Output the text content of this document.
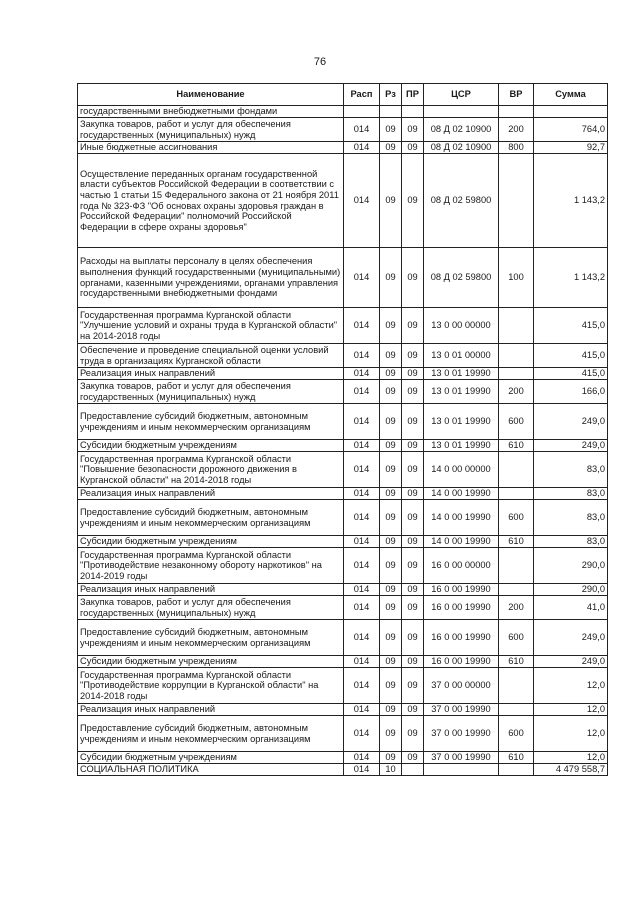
76
Наименование	Расп	Рз	ПР	ЦСР	ВР	Сумма
государственными внебюджетными фондами						
Закупка товаров, работ и услуг для обеспечения государственных (муниципальных) нужд	014	09	09	08 Д 02 10900	200	764,0
Иные бюджетные ассигнования	014	09	09	08 Д 02 10900	800	92,7
Осуществление переданных органам государственной власти субъектов Российской Федерации в соответствии с частью 1 статьи 15 Федерального закона от 21 ноября 2011 года № 323-ФЗ "Об основах охраны здоровья граждан в Российской Федерации" полномочий Российской Федерации в сфере охраны здоровья"	014	09	09	08 Д 02 59800		1 143,2
Расходы на выплаты персоналу в целях обеспечения выполнения функций государственными (муниципальными) органами, казенными учреждениями, органами управления государственными внебюджетными фондами	014	09	09	08 Д 02 59800	100	1 143,2
Государственная программа Курганской области "Улучшение условий и охраны труда в Курганской области" на 2014-2018 годы	014	09	09	13 0 00 00000		415,0
Обеспечение и проведение специальной оценки условий труда в организациях Курганской области	014	09	09	13 0 01 00000		415,0
Реализация иных направлений	014	09	09	13 0 01 19990		415,0
Закупка товаров, работ и услуг для обеспечения государственных (муниципальных) нужд	014	09	09	13 0 01 19990	200	166,0
Предоставление субсидий бюджетным, автономным учреждениям и иным некоммерческим организациям	014	09	09	13 0 01 19990	600	249,0
Субсидии бюджетным учреждениям	014	09	09	13 0 01 19990	610	249,0
Государственная программа Курганской области "Повышение безопасности дорожного движения в Курганской области" на 2014-2018 годы	014	09	09	14 0 00 00000		83,0
Реализация иных направлений	014	09	09	14 0 00 19990		83,0
Предоставление субсидий бюджетным, автономным учреждениям и иным некоммерческим организациям	014	09	09	14 0 00 19990	600	83,0
Субсидии бюджетным учреждениям	014	09	09	14 0 00 19990	610	83,0
Государственная программа Курганской области "Противодействие незаконному обороту наркотиков" на 2014-2019 годы	014	09	09	16 0 00 00000		290,0
Реализация иных направлений	014	09	09	16 0 00 19990		290,0
Закупка товаров, работ и услуг для обеспечения государственных (муниципальных) нужд	014	09	09	16 0 00 19990	200	41,0
Предоставление субсидий бюджетным, автономным учреждениям и иным некоммерческим организациям	014	09	09	16 0 00 19990	600	249,0
Субсидии бюджетным учреждениям	014	09	09	16 0 00 19990	610	249,0
Государственная программа Курганской области "Противодействие коррупции в Курганской области" на 2014-2018 годы	014	09	09	37 0 00 00000		12,0
Реализация иных направлений	014	09	09	37 0 00 19990		12,0
Предоставление субсидий бюджетным, автономным учреждениям и иным некоммерческим организациям	014	09	09	37 0 00 19990	600	12,0
Субсидии бюджетным учреждениям	014	09	09	37 0 00 19990	610	12,0
СОЦИАЛЬНАЯ ПОЛИТИКА	014	10				4 479 558,7
